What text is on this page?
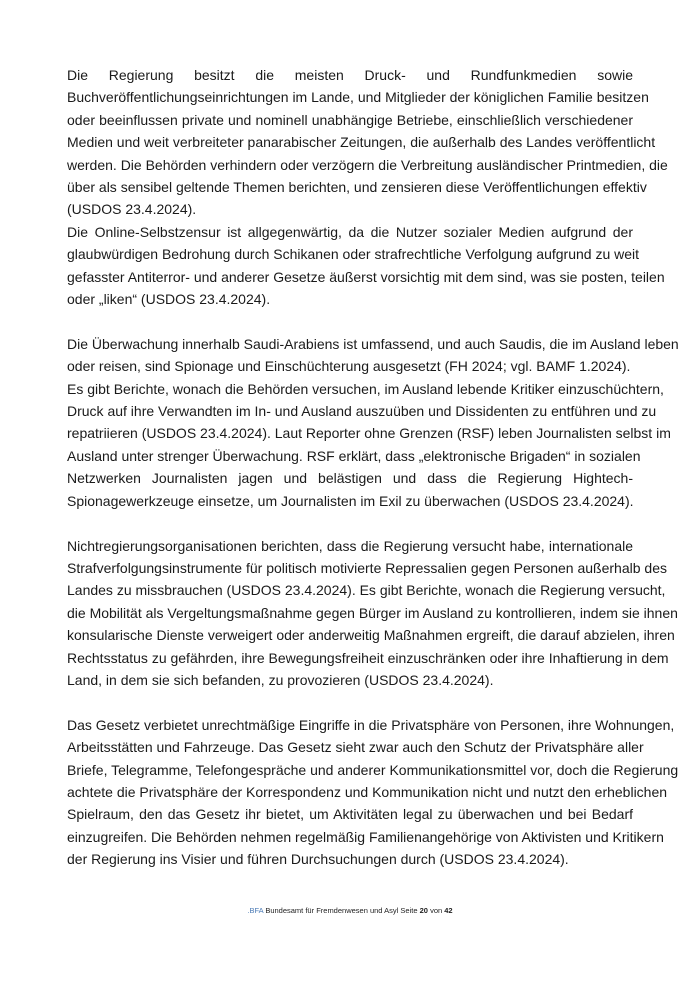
Die Regierung besitzt die meisten Druck- und Rundfunkmedien sowie
Buchveröffentlichungseinrichtungen im Lande, und Mitglieder der königlichen Familie besitzen
oder beeinflussen private und nominell unabhängige Betriebe, einschließlich verschiedener
Medien und weit verbreiteter panarabischer Zeitungen, die außerhalb des Landes veröffentlicht
werden. Die Behörden verhindern oder verzögern die Verbreitung ausländischer Printmedien, die
über als sensibel geltende Themen berichten, und zensieren diese Veröffentlichungen effektiv
(USDOS 23.4.2024).

Die Online-Selbstzensur ist allgegenwärtig, da die Nutzer sozialer Medien aufgrund der
glaubwürdigen Bedrohung durch Schikanen oder strafrechtliche Verfolgung aufgrund zu weit
gefasster Antiterror- und anderer Gesetze äußerst vorsichtig mit dem sind, was sie posten, teilen
oder „liken“ (USDOS 23.4.2024).

Die Überwachung innerhalb Saudi-Arabiens ist umfassend, und auch Saudis, die im Ausland leben
oder reisen, sind Spionage und Einschüchterung ausgesetzt (FH 2024; vgl. BAMF 1.2024).

Es gibt Berichte, wonach die Behörden versuchen, im Ausland lebende Kritiker einzuschüchtern,
Druck auf ihre Verwandten im In- und Ausland auszuüben und Dissidenten zu entführen und zu
repatriieren (USDOS 23.4.2024). Laut Reporter ohne Grenzen (RSF) leben Journalisten selbst im
Ausland unter strenger Überwachung. RSF erklärt, dass „elektronische Brigaden“ in sozialen
Netzwerken Journalisten jagen und belästigen und dass die Regierung Hightech-
Spionagewerkzeuge einsetze, um Journalisten im Exil zu überwachen (USDOS 23.4.2024).

Nichtregierungsorganisationen berichten, dass die Regierung versucht habe, internationale
Strafverfolgungsinstrumente für politisch motivierte Repressalien gegen Personen außerhalb des
Landes zu missbrauchen (USDOS 23.4.2024). Es gibt Berichte, wonach die Regierung versucht,
die Mobilität als Vergeltungsmaßnahme gegen Bürger im Ausland zu kontrollieren, indem sie ihnen
konsularische Dienste verweigert oder anderweitig Maßnahmen ergreift, die darauf abzielen, ihren
Rechtsstatus zu gefährden, ihre Bewegungsfreiheit einzuschränken oder ihre Inhaftierung in dem
Land, in dem sie sich befanden, zu provozieren (USDOS 23.4.2024).

Das Gesetz verbietet unrechtmäßige Eingriffe in die Privatsphäre von Personen, ihre Wohnungen,
Arbeitsstätten und Fahrzeuge. Das Gesetz sieht zwar auch den Schutz der Privatsphäre aller
Briefe, Telegramme, Telefongespräche und anderer Kommunikationsmittel vor, doch die Regierung
achtete die Privatsphäre der Korrespondenz und Kommunikation nicht und nutzt den erheblichen
Spielraum, den das Gesetz ihr bietet, um Aktivitäten legal zu überwachen und bei Bedarf
einzugreifen. Die Behörden nehmen regelmäßig Familienangehörige von Aktivisten und Kritikern
der Regierung ins Visier und führen Durchsuchungen durch (USDOS 23.4.2024).

.BFA Bundesamt für Fremdenwesen und Asyl Seite 20 von 42
